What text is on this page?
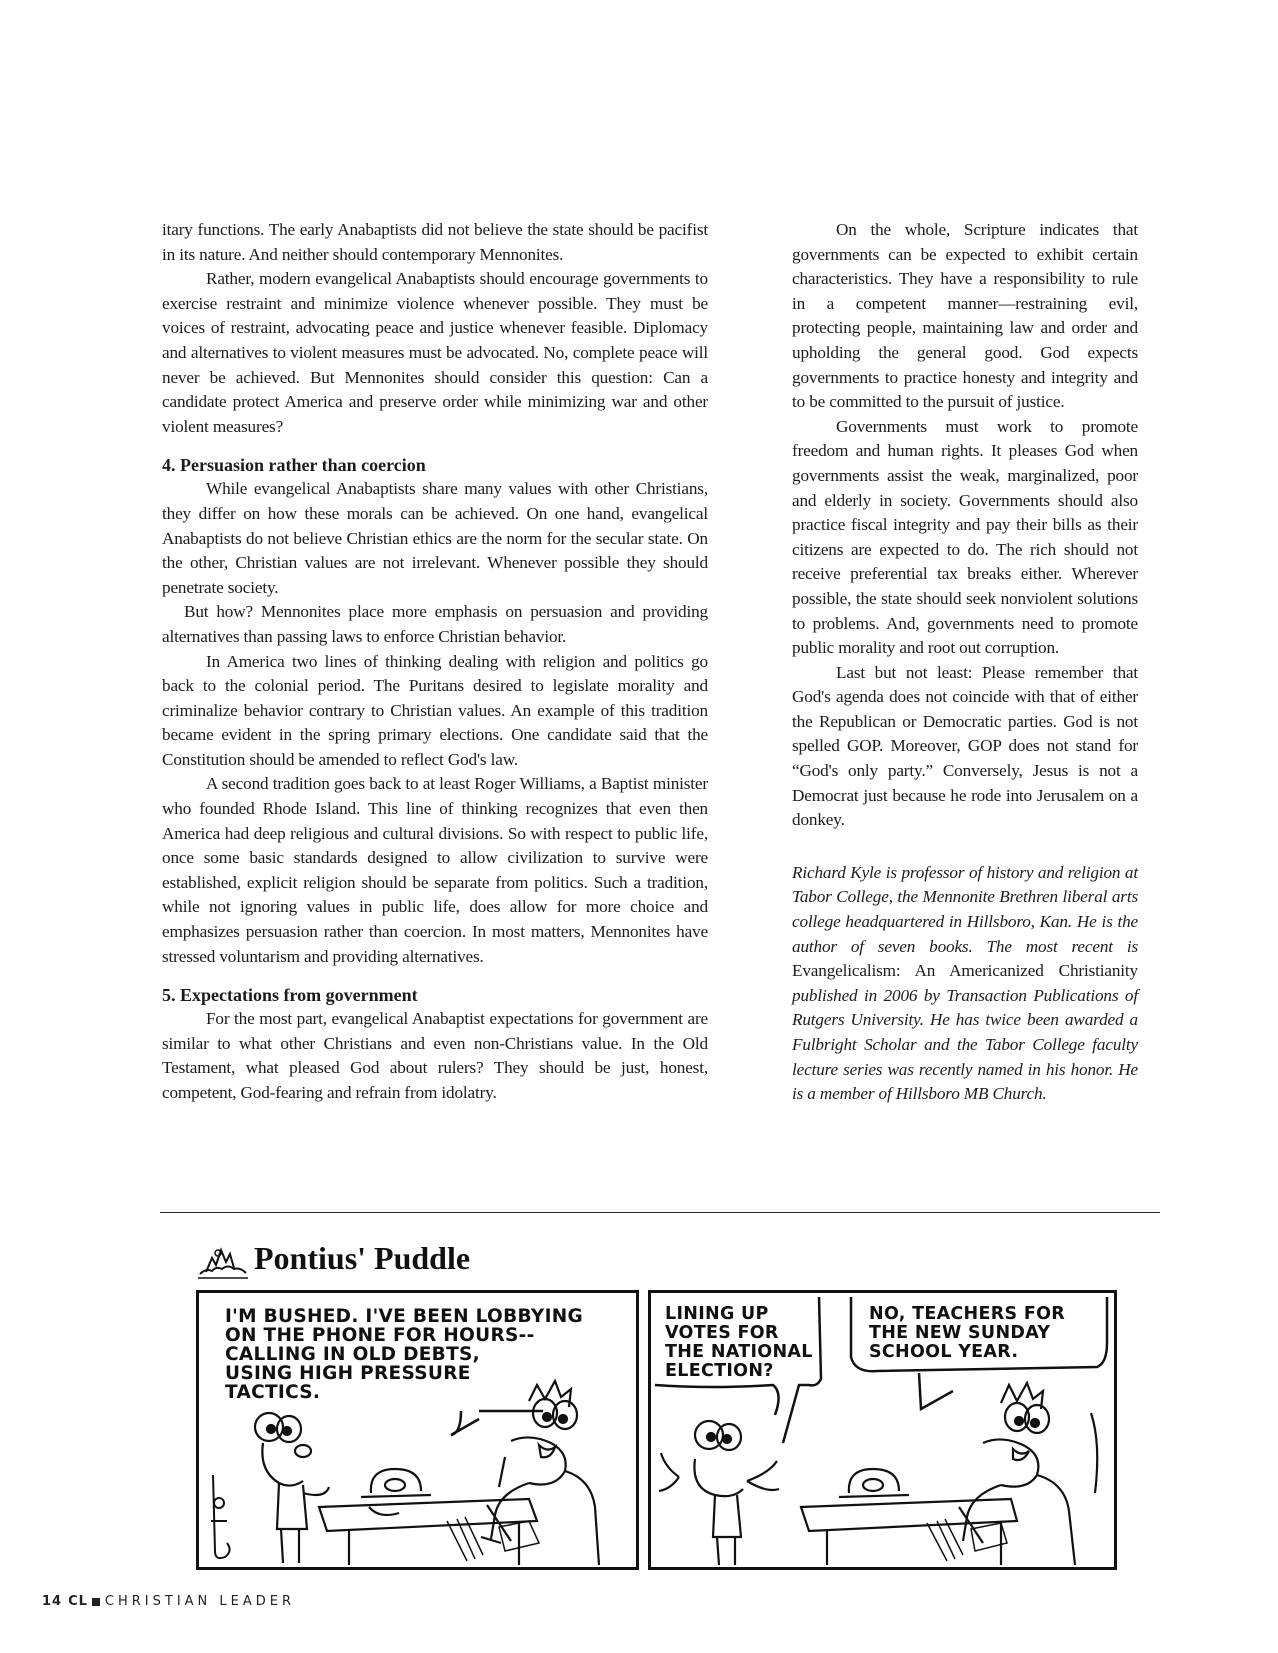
itary functions. The early Anabaptists did not believe the state should be pacifist in its nature. And neither should contemporary Mennonites.

Rather, modern evangelical Anabaptists should encourage governments to exercise restraint and minimize violence whenever possible. They must be voices of restraint, advocating peace and justice whenever feasible. Diplomacy and alternatives to violent measures must be advocated. No, complete peace will never be achieved. But Mennonites should consider this question: Can a candidate protect America and preserve order while minimizing war and other violent measures?

4. Persuasion rather than coercion

While evangelical Anabaptists share many values with other Christians, they differ on how these morals can be achieved. On one hand, evangelical Anabaptists do not believe Christian ethics are the norm for the secular state. On the other, Christian values are not irrelevant. Whenever possible they should penetrate society.

But how? Mennonites place more emphasis on persuasion and providing alternatives than passing laws to enforce Christian behavior.

In America two lines of thinking dealing with religion and politics go back to the colonial period. The Puritans desired to legislate morality and criminalize behavior contrary to Christian values. An example of this tradition became evident in the spring primary elections. One candidate said that the Constitution should be amended to reflect God's law.

A second tradition goes back to at least Roger Williams, a Baptist minister who founded Rhode Island. This line of thinking recognizes that even then America had deep religious and cultural divisions. So with respect to public life, once some basic standards designed to allow civilization to survive were established, explicit religion should be separate from politics. Such a tradition, while not ignoring values in public life, does allow for more choice and emphasizes persuasion rather than coercion. In most matters, Mennonites have stressed voluntarism and providing alternatives.

5. Expectations from government

For the most part, evangelical Anabaptist expectations for government are similar to what other Christians and even non-Christians value. In the Old Testament, what pleased God about rulers? They should be just, honest, competent, God-fearing and refrain from idolatry.

On the whole, Scripture indicates that governments can be expected to exhibit certain characteristics. They have a responsibility to rule in a competent manner—restraining evil, protecting people, maintaining law and order and upholding the general good. God expects governments to practice honesty and integrity and to be committed to the pursuit of justice.

Governments must work to promote freedom and human rights. It pleases God when governments assist the weak, marginalized, poor and elderly in society. Governments should also practice fiscal integrity and pay their bills as their citizens are expected to do. The rich should not receive preferential tax breaks either. Wherever possible, the state should seek nonviolent solutions to problems. And, governments need to promote public morality and root out corruption.

Last but not least: Please remember that God's agenda does not coincide with that of either the Republican or Democratic parties. God is not spelled GOP. Moreover, GOP does not stand for “God's only party.” Conversely, Jesus is not a Democrat just because he rode into Jerusalem on a donkey.

Richard Kyle is professor of history and religion at Tabor College, the Mennonite Brethren liberal arts college headquartered in Hillsboro, Kan. He is the author of seven books. The most recent is Evangelicalism: An Americanized Christianity published in 2006 by Transaction Publications of Rutgers University. He has twice been awarded a Fulbright Scholar and the Tabor College faculty lecture series was recently named in his honor. He is a member of Hillsboro MB Church.

Pontius' Puddle
Joel
I'M BUSHED. I'VE BEEN LOBBYING
ON THE PHONE FOR HOURS--
CALLING IN OLD DEBTS,
USING HIGH PRESSURE
TACTICS.
LINING UP
VOTES FOR
THE NATIONAL
ELECTION?
NO, TEACHERS FOR
THE NEW SUNDAY
SCHOOL YEAR.
14 CL CHRISTIAN LEADER
